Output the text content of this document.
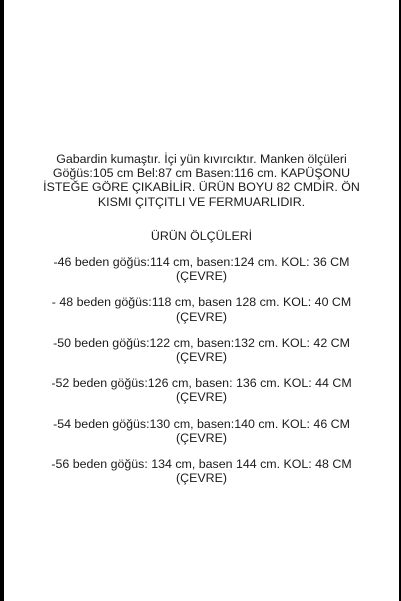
Gabardin kumaştır. İçi yün kıvırcıktır. Manken ölçüleri
Göğüs:105 cm Bel:87 cm Basen:116 cm. KAPÜŞONU
İSTEĞE GÖRE ÇIKABİLİR. ÜRÜN BOYU 82 CMDİR. ÖN
KISMI ÇITÇITLI VE FERMUARLIDIR.

ÜRÜN ÖLÇÜLERİ

-46 beden göğüs:114 cm, basen:124 cm. KOL: 36 CM
(ÇEVRE)
- 48 beden göğüs:118 cm, basen 128 cm. KOL: 40 CM
(ÇEVRE)
-50 beden göğüs:122 cm, basen:132 cm. KOL: 42 CM
(ÇEVRE)
-52 beden göğüs:126 cm, basen: 136 cm. KOL: 44 CM
(ÇEVRE)
-54 beden göğüs:130 cm, basen:140 cm. KOL: 46 CM
(ÇEVRE)
-56 beden göğüs: 134 cm, basen 144 cm. KOL: 48 CM
(ÇEVRE)
